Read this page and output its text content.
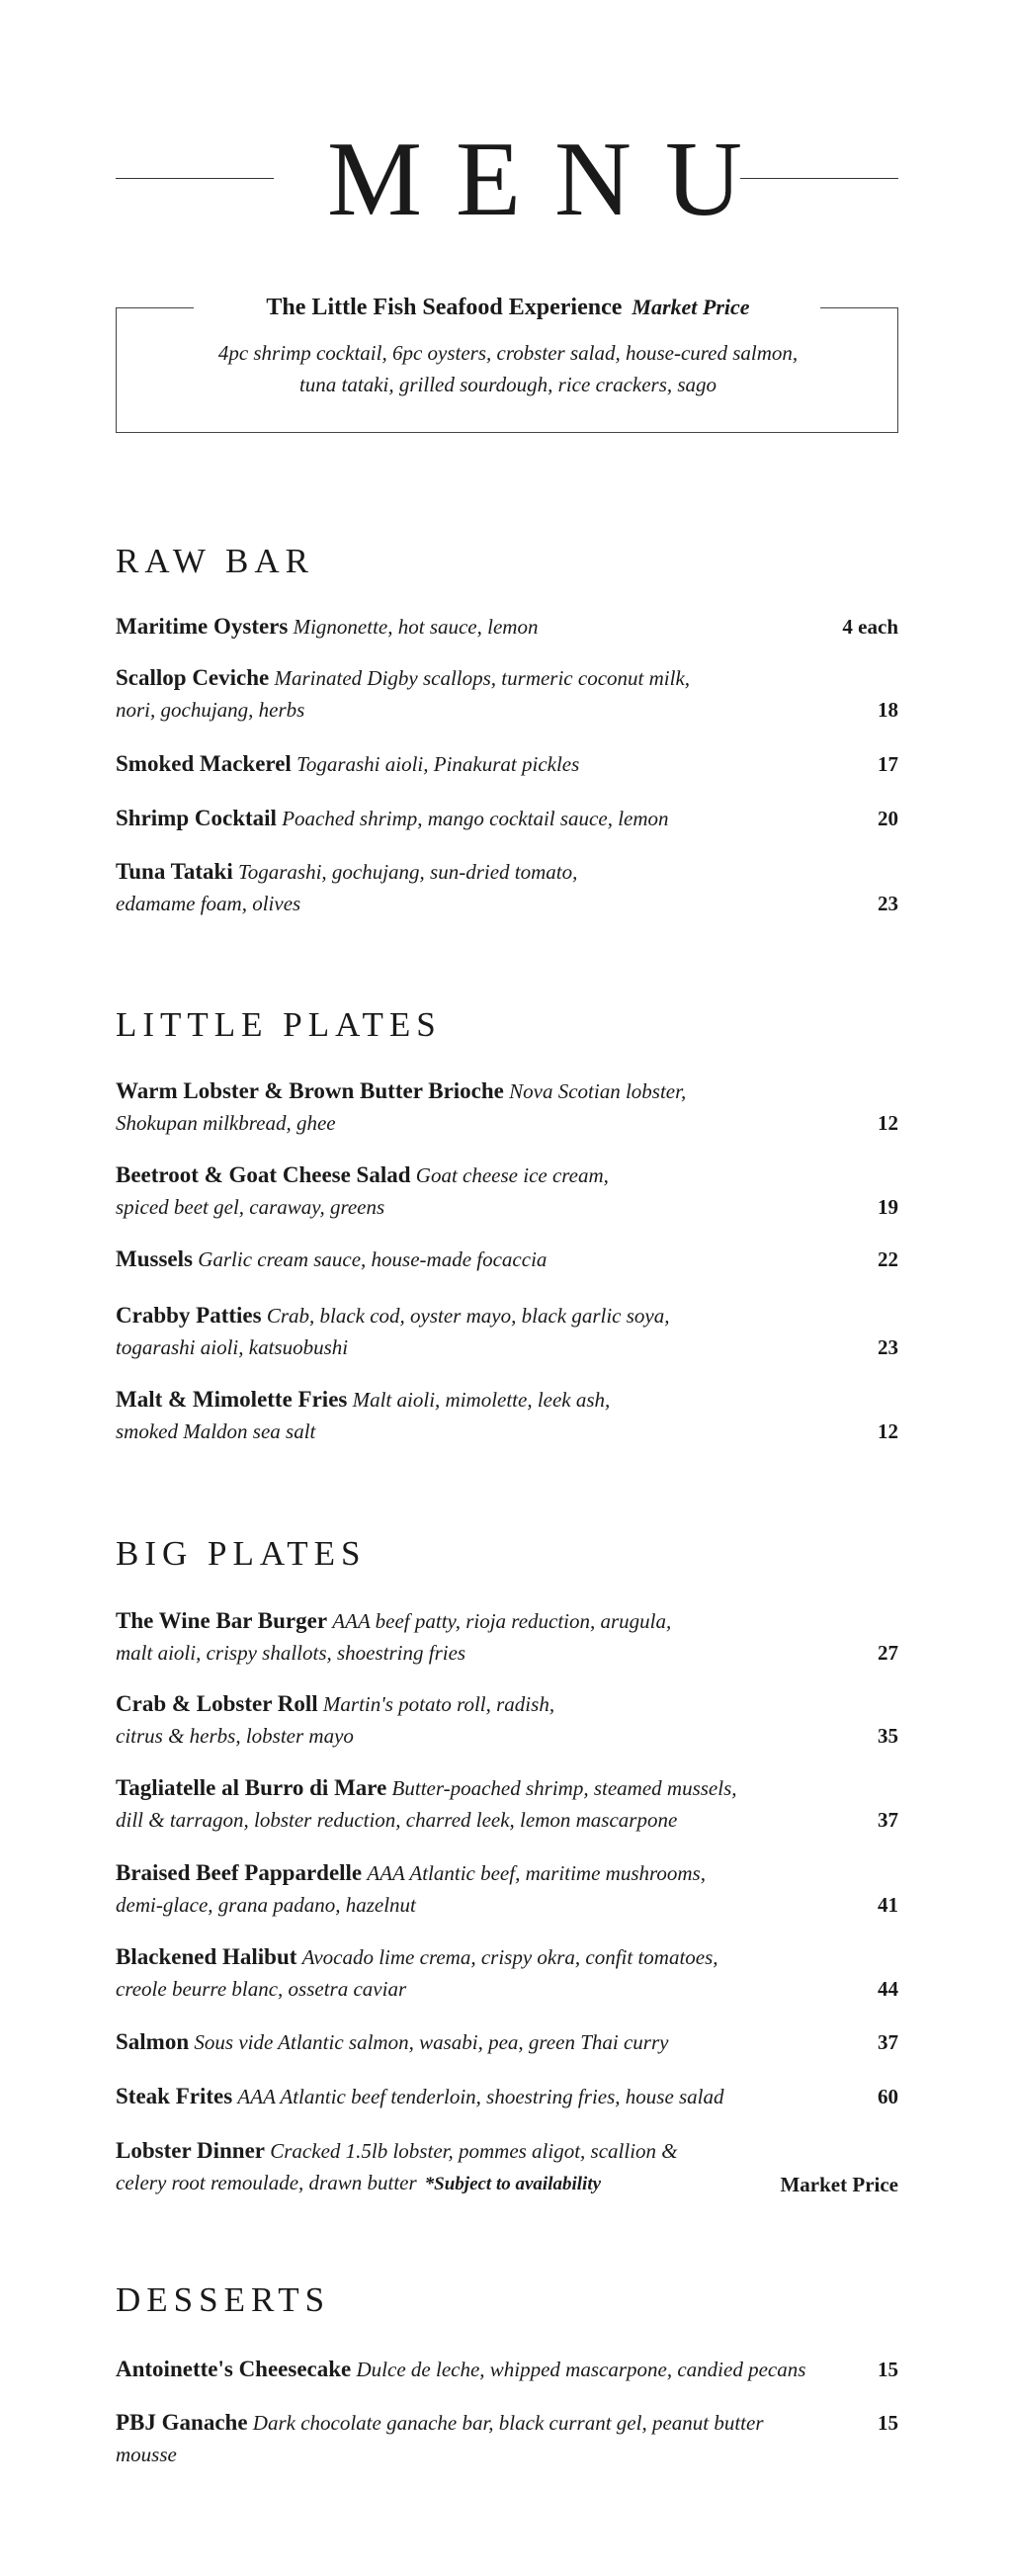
MENU
The Little Fish Seafood Experience Market Price
4pc shrimp cocktail, 6pc oysters, crobster salad, house-cured salmon,
tuna tataki, grilled sourdough, rice crackers, sago
RAW BAR
Maritime Oysters Mignonette, hot sauce, lemon	4 each
Scallop Ceviche Marinated Digby scallops, turmeric coconut milk,
nori, gochujang, herbs	18
Smoked Mackerel Togarashi aioli, Pinakurat pickles	17
Shrimp Cocktail Poached shrimp, mango cocktail sauce, lemon	20
Tuna Tataki Togarashi, gochujang, sun-dried tomato,
edamame foam, olives	23
LITTLE PLATES
Warm Lobster & Brown Butter Brioche Nova Scotian lobster,
Shokupan milkbread, ghee	12
Beetroot & Goat Cheese Salad Goat cheese ice cream,
spiced beet gel, caraway, greens	19
Mussels Garlic cream sauce, house-made focaccia	22
Crabby Patties Crab, black cod, oyster mayo, black garlic soya,
togarashi aioli, katsuobushi	23
Malt & Mimolette Fries Malt aioli, mimolette, leek ash,
smoked Maldon sea salt	12
BIG PLATES
The Wine Bar Burger AAA beef patty, rioja reduction, arugula,
malt aioli, crispy shallots, shoestring fries	27
Crab & Lobster Roll Martin's potato roll, radish,
citrus & herbs, lobster mayo	35
Tagliatelle al Burro di Mare Butter-poached shrimp, steamed mussels,
dill & tarragon, lobster reduction, charred leek, lemon mascarpone	37
Braised Beef Pappardelle AAA Atlantic beef, maritime mushrooms,
demi-glace, grana padano, hazelnut	41
Blackened Halibut Avocado lime crema, crispy okra, confit tomatoes,
creole beurre blanc, ossetra caviar	44
Salmon Sous vide Atlantic salmon, wasabi, pea, green Thai curry	37
Steak Frites AAA Atlantic beef tenderloin, shoestring fries, house salad	60
Lobster Dinner Cracked 1.5lb lobster, pommes aligot, scallion &
celery root remoulade, drawn butter *Subject to availability	Market Price
DESSERTS
Antoinette's Cheesecake Dulce de leche, whipped mascarpone, candied pecans	15
PBJ Ganache Dark chocolate ganache bar, black currant gel, peanut butter mousse
15
